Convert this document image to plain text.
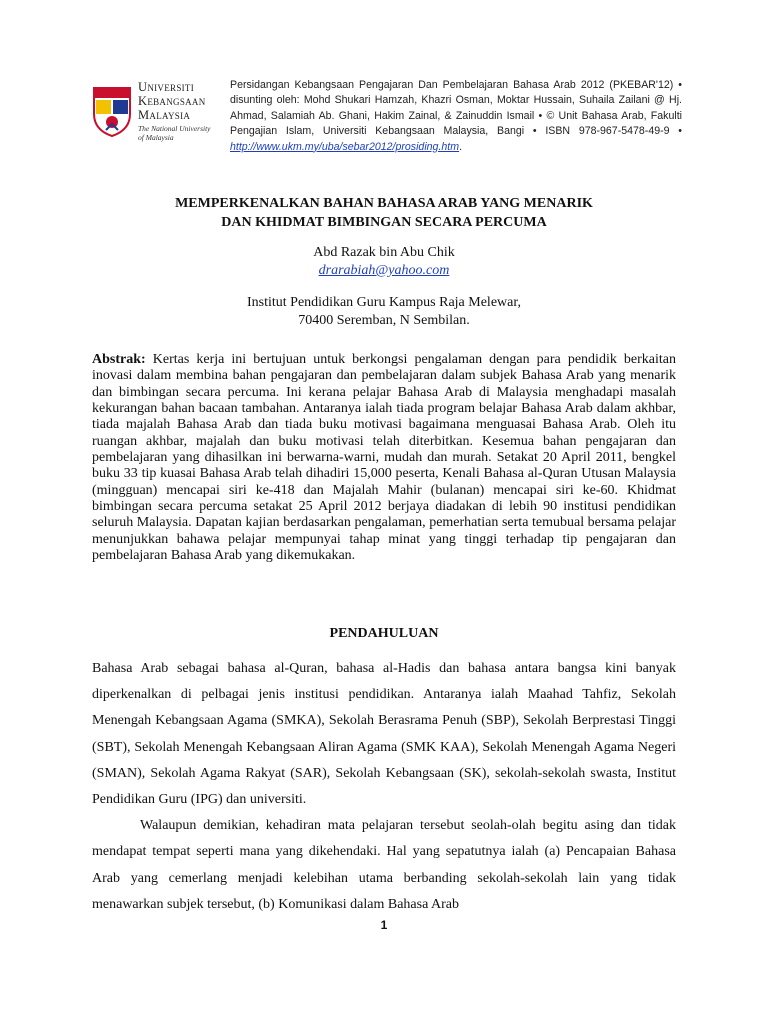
Universiti
Kebangsaan
Malaysia
The National University
of Malaysia
Persidangan Kebangsaan Pengajaran Dan Pembelajaran Bahasa Arab 2012 (PKEBAR'12) • disunting oleh: Mohd Shukari Hamzah, Khazri Osman, Moktar Hussain, Suhaila Zailani @ Hj. Ahmad, Salamiah Ab. Ghani, Hakim Zainal, & Zainuddin Ismail • © Unit Bahasa Arab, Fakulti Pengajian Islam, Universiti Kebangsaan Malaysia, Bangi • ISBN 978-967-5478-49-9 • http://www.ukm.my/uba/sebar2012/prosiding.htm.
MEMPERKENALKAN BAHAN BAHASA ARAB YANG MENARIK
DAN KHIDMAT BIMBINGAN SECARA PERCUMA
Abd Razak bin Abu Chik
drarabiah@yahoo.com
Institut Pendidikan Guru Kampus Raja Melewar,
70400 Seremban, N Sembilan.
Abstrak: Kertas kerja ini bertujuan untuk berkongsi pengalaman dengan para pendidik berkaitan inovasi dalam membina bahan pengajaran dan pembelajaran dalam subjek Bahasa Arab yang menarik dan bimbingan secara percuma. Ini kerana pelajar Bahasa Arab di Malaysia menghadapi masalah kekurangan bahan bacaan tambahan. Antaranya ialah tiada program belajar Bahasa Arab dalam akhbar, tiada majalah Bahasa Arab dan tiada buku motivasi bagaimana menguasai Bahasa Arab. Oleh itu ruangan akhbar, majalah dan buku motivasi telah diterbitkan. Kesemua bahan pengajaran dan pembelajaran yang dihasilkan ini berwarna-warni, mudah dan murah. Setakat 20 April 2011, bengkel buku 33 tip kuasai Bahasa Arab telah dihadiri 15,000 peserta, Kenali Bahasa al-Quran Utusan Malaysia (mingguan) mencapai siri ke-418 dan Majalah Mahir (bulanan) mencapai siri ke-60. Khidmat bimbingan secara percuma setakat 25 April 2012 berjaya diadakan di lebih 90 institusi pendidikan seluruh Malaysia. Dapatan kajian berdasarkan pengalaman, pemerhatian serta temubual bersama pelajar menunjukkan bahawa pelajar mempunyai tahap minat yang tinggi terhadap tip pengajaran dan pembelajaran Bahasa Arab yang dikemukakan.
PENDAHULUAN

Bahasa Arab sebagai bahasa al-Quran, bahasa al-Hadis dan bahasa antara bangsa kini banyak diperkenalkan di pelbagai jenis institusi pendidikan. Antaranya ialah Maahad Tahfiz, Sekolah Menengah Kebangsaan Agama (SMKA), Sekolah Berasrama Penuh (SBP), Sekolah Berprestasi Tinggi (SBT), Sekolah Menengah Kebangsaan Aliran Agama (SMK KAA), Sekolah Menengah Agama Negeri (SMAN), Sekolah Agama Rakyat (SAR), Sekolah Kebangsaan (SK), sekolah-sekolah swasta, Institut Pendidikan Guru (IPG) dan universiti.

Walaupun demikian, kehadiran mata pelajaran tersebut seolah-olah begitu asing dan tidak mendapat tempat seperti mana yang dikehendaki. Hal yang sepatutnya ialah (a) Pencapaian Bahasa Arab yang cemerlang menjadi kelebihan utama berbanding sekolah-sekolah lain yang tidak menawarkan subjek tersebut, (b) Komunikasi dalam Bahasa Arab

1
